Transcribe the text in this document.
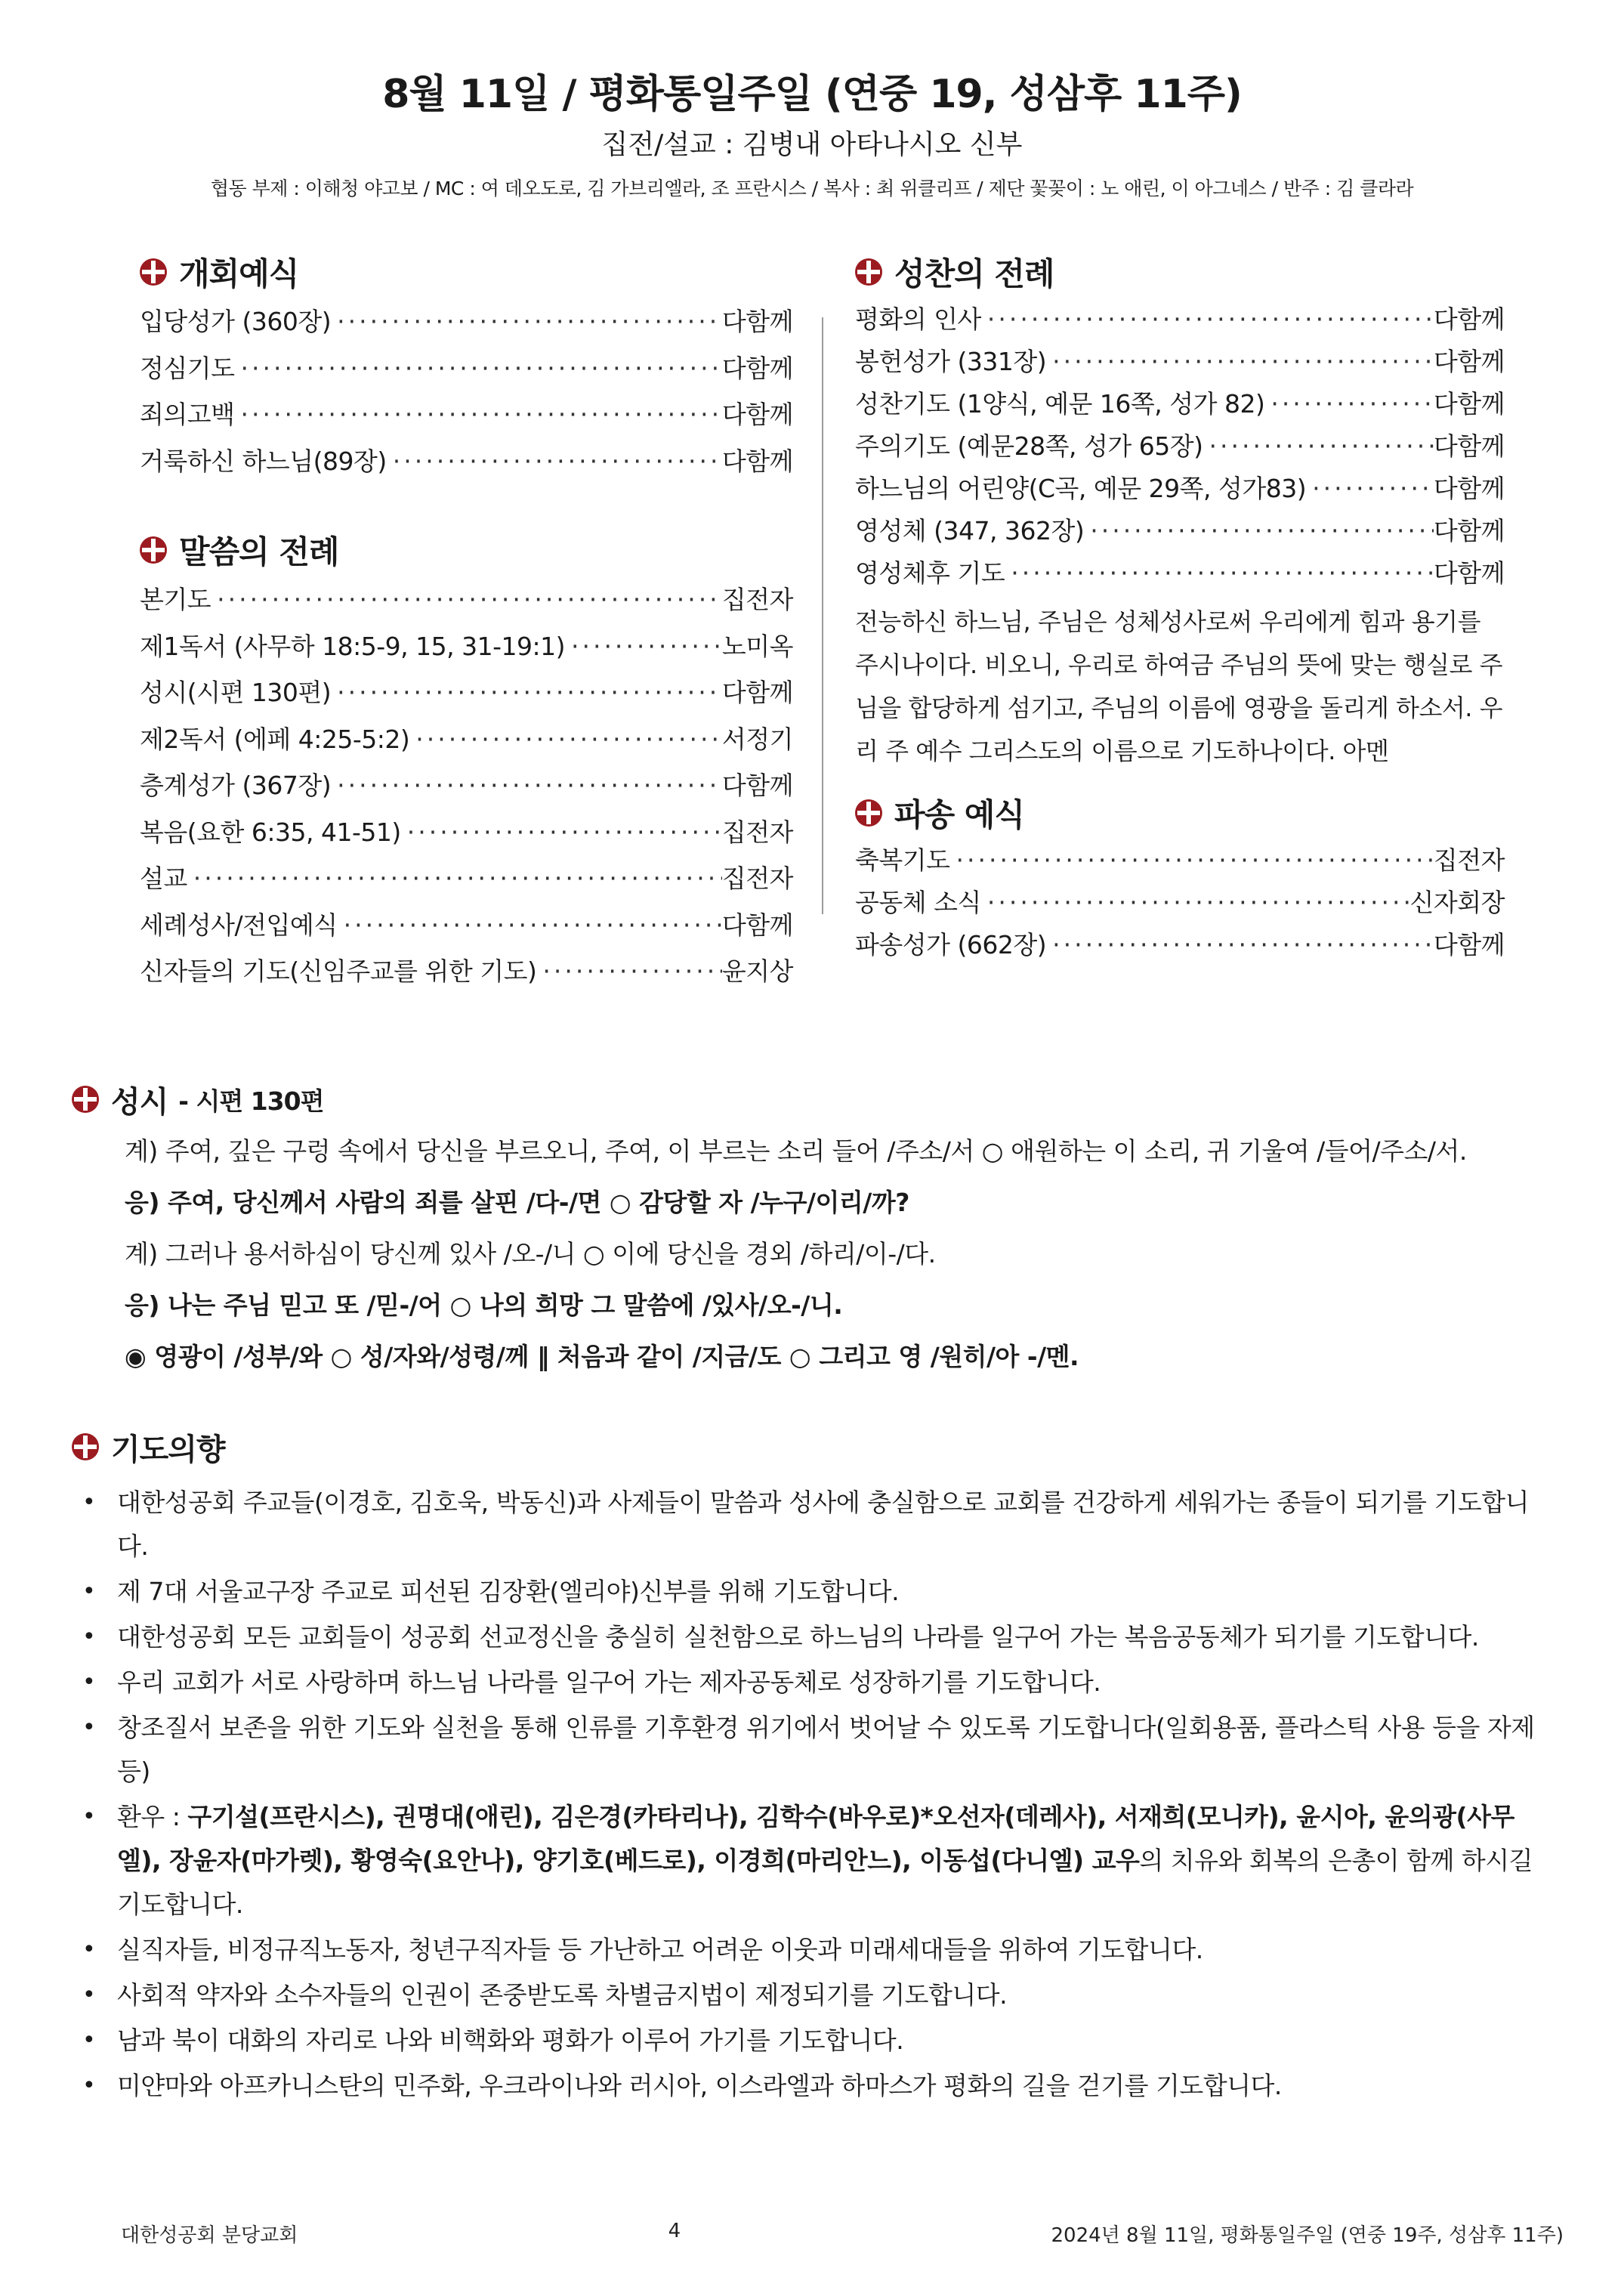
8월 11일 / 평화통일주일 (연중 19, 성삼후 11주)
집전/설교 : 김병내 아타나시오 신부
협동 부제 : 이해청 야고보 / MC : 여 데오도로, 김 가브리엘라, 조 프란시스 / 복사 : 최 위클리프 / 제단 꽃꽂이 : 노 애린, 이 아그네스 / 반주 : 김 클라라
개회예식
입당성가 (360장) ·····	다함께
정심기도 ·····	다함께
죄의고백 ·····	다함께
거룩하신 하느님(89장) ·····	다함께
말씀의 전례
본기도 ·····	집전자
제1독서 (사무하 18:5-9, 15, 31-19:1) ·····	노미옥
성시(시편 130편) ·····	다함께
제2독서 (에페 4:25-5:2) ·····	서정기
층계성가 (367장) ·····	다함께
복음(요한 6:35, 41-51) ·····	집전자
설교 ·····	집전자
세례성사/전입예식 ·····	다함께
신자들의 기도(신임주교를 위한 기도) ·····	윤지상
성찬의 전례
평화의 인사 ·····	다함께
봉헌성가 (331장) ·····	다함께
성찬기도 (1양식, 예문 16쪽, 성가 82) ·····	다함께
주의기도 (예문28쪽, 성가 65장) ·····	다함께
하느님의 어린양(C곡, 예문 29쪽, 성가83) ·····	다함께
영성체 (347, 362장) ·····	다함께
영성체후 기도 ·····	다함께
전능하신 하느님, 주님은 성체성사로써 우리에게 힘과 용기를 주시나이다. 비오니, 우리로 하여금 주님의 뜻에 맞는 행실로 주님을 합당하게 섬기고, 주님의 이름에 영광을 돌리게 하소서. 우리 주 예수 그리스도의 이름으로 기도하나이다. 아멘
파송 예식
축복기도 ·····	집전자
공동체 소식 ·····	신자회장
파송성가 (662장) ·····	다함께
성시 - 시편 130편
계) 주여, 깊은 구렁 속에서 당신을 부르오니, 주여, 이 부르는 소리 들어 /주소/서 ○ 애원하는 이 소리, 귀 기울여 /들어/주소/서.
응) 주여, 당신께서 사람의 죄를 살핀 /다-/면 ○ 감당할 자 /누구/이리/까?
계) 그러나 용서하심이 당신께 있사 /오-/니 ○ 이에 당신을 경외 /하리/이-/다.
응) 나는 주님 믿고 또 /믿-/어 ○ 나의 희망 그 말씀에 /있사/오-/니.
◉ 영광이 /성부/와 ○ 성/자와/성령/께 ‖ 처음과 같이 /지금/도 ○ 그리고 영 /원히/아 -/멘.
기도의향
• 대한성공회 주교들(이경호, 김호욱, 박동신)과 사제들이 말씀과 성사에 충실함으로 교회를 건강하게 세워가는 종들이 되기를 기도합니다.
• 제 7대 서울교구장 주교로 피선된 김장환(엘리야)신부를 위해 기도합니다.
• 대한성공회 모든 교회들이 성공회 선교정신을 충실히 실천함으로 하느님의 나라를 일구어 가는 복음공동체가 되기를 기도합니다.
• 우리 교회가 서로 사랑하며 하느님 나라를 일구어 가는 제자공동체로 성장하기를 기도합니다.
• 창조질서 보존을 위한 기도와 실천을 통해 인류를 기후환경 위기에서 벗어날 수 있도록 기도합니다(일회용품, 플라스틱 사용 등을 자제 등)
• 환우 : 구기설(프란시스), 권명대(애린), 김은경(카타리나), 김학수(바우로)*오선자(데레사), 서재희(모니카), 윤시아, 윤의광(사무엘), 장윤자(마가렛), 황영숙(요안나), 양기호(베드로), 이경희(마리안느), 이동섭(다니엘) 교우의 치유와 회복의 은총이 함께 하시길 기도합니다.
• 실직자들, 비정규직노동자, 청년구직자들 등 가난하고 어려운 이웃과 미래세대들을 위하여 기도합니다.
• 사회적 약자와 소수자들의 인권이 존중받도록 차별금지법이 제정되기를 기도합니다.
• 남과 북이 대화의 자리로 나와 비핵화와 평화가 이루어 가기를 기도합니다.
• 미얀마와 아프카니스탄의 민주화, 우크라이나와 러시아, 이스라엘과 하마스가 평화의 길을 걷기를 기도합니다.
대한성공회 분당교회	4	2024년 8월 11일, 평화통일주일 (연중 19주, 성삼후 11주)
